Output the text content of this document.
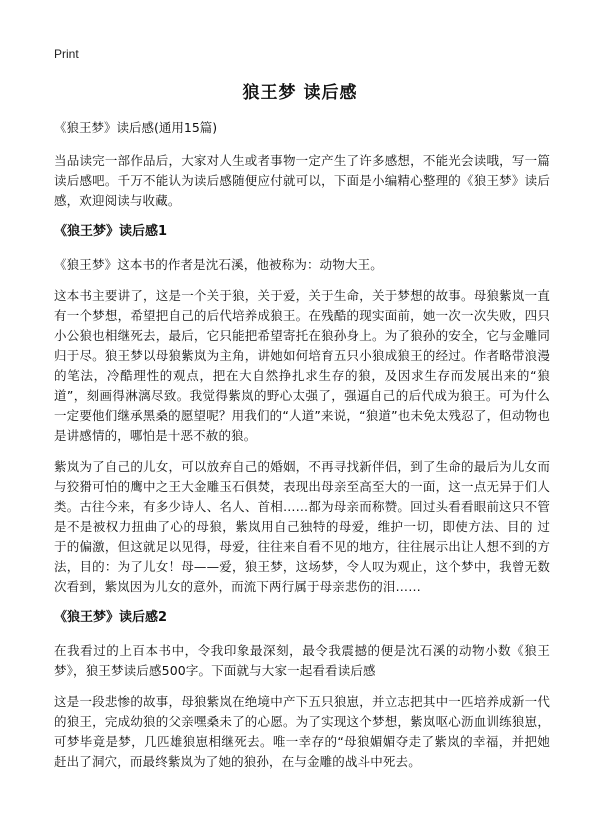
Print
狼王梦 读后感

《狼王梦》读后感(通用15篇)

当品读完一部作品后，大家对人生或者事物一定产生了许多感想，不能光会读哦，写一篇读后感吧。千万不能认为读后感随便应付就可以，下面是小编精心整理的《狼王梦》读后感，欢迎阅读与收藏。

《狼王梦》读后感1

《狼王梦》这本书的作者是沈石溪，他被称为：动物大王。

这本书主要讲了，这是一个关于狼，关于爱，关于生命，关于梦想的故事。母狼紫岚一直有一个梦想，希望把自己的后代培养成狼王。在残酷的现实面前，她一次一次失败，四只小公狼也相继死去，最后，它只能把希望寄托在狼孙身上。为了狼孙的安全，它与金雕同归于尽。狼王梦以母狼紫岚为主角，讲她如何培育五只小狼成狼王的经过。作者略带浪漫的笔法，冷酷理性的观点，把在大自然挣扎求生存的狼，及因求生存而发展出来的“狼道”，刻画得淋漓尽致。我觉得紫岚的野心太强了，强逼自己的后代成为狼王。可为什么一定要他们继承黑桑的愿望呢？用我们的“人道”来说，“狼道”也未免太残忍了，但动物也是讲感情的，哪怕是十恶不赦的狼。

紫岚为了自己的儿女，可以放弃自己的婚姻，不再寻找新伴侣，到了生命的最后为儿女而与狡猾可怕的鹰中之王大金雕玉石俱焚，表现出母亲至高至大的一面，这一点无异于们人类。古往今来，有多少诗人、名人、首相……都为母亲而称赞。回过头看看眼前这只不管是不是被权力扭曲了心的母狼，紫岚用自己独特的母爱，维护一切，即使方法、目的 过于的偏激，但这就足以见得，母爱，往往来自看不见的地方，往往展示出让人想不到的方法，目的：为了儿女！母——爱，狼王梦，这场梦，令人叹为观止，这个梦中，我曾无数次看到，紫岚因为儿女的意外，而流下两行属于母亲悲伤的泪……

《狼王梦》读后感2

在我看过的上百本书中，令我印象最深刻，最令我震撼的便是沈石溪的动物小数《狼王梦》，狼王梦读后感500字。下面就与大家一起看看读后感

这是一段悲惨的故事，母狼紫岚在绝境中产下五只狼崽，并立志把其中一匹培养成新一代的狼王，完成幼狼的父亲嘿桑未了的心愿。为了实现这个梦想，紫岚呕心沥血训练狼崽，可梦毕竟是梦，几匹雄狼崽相继死去。唯一幸存的“母狼媚媚夺走了紫岚的幸福，并把她赶出了洞穴，而最终紫岚为了她的狼孙，在与金雕的战斗中死去。
